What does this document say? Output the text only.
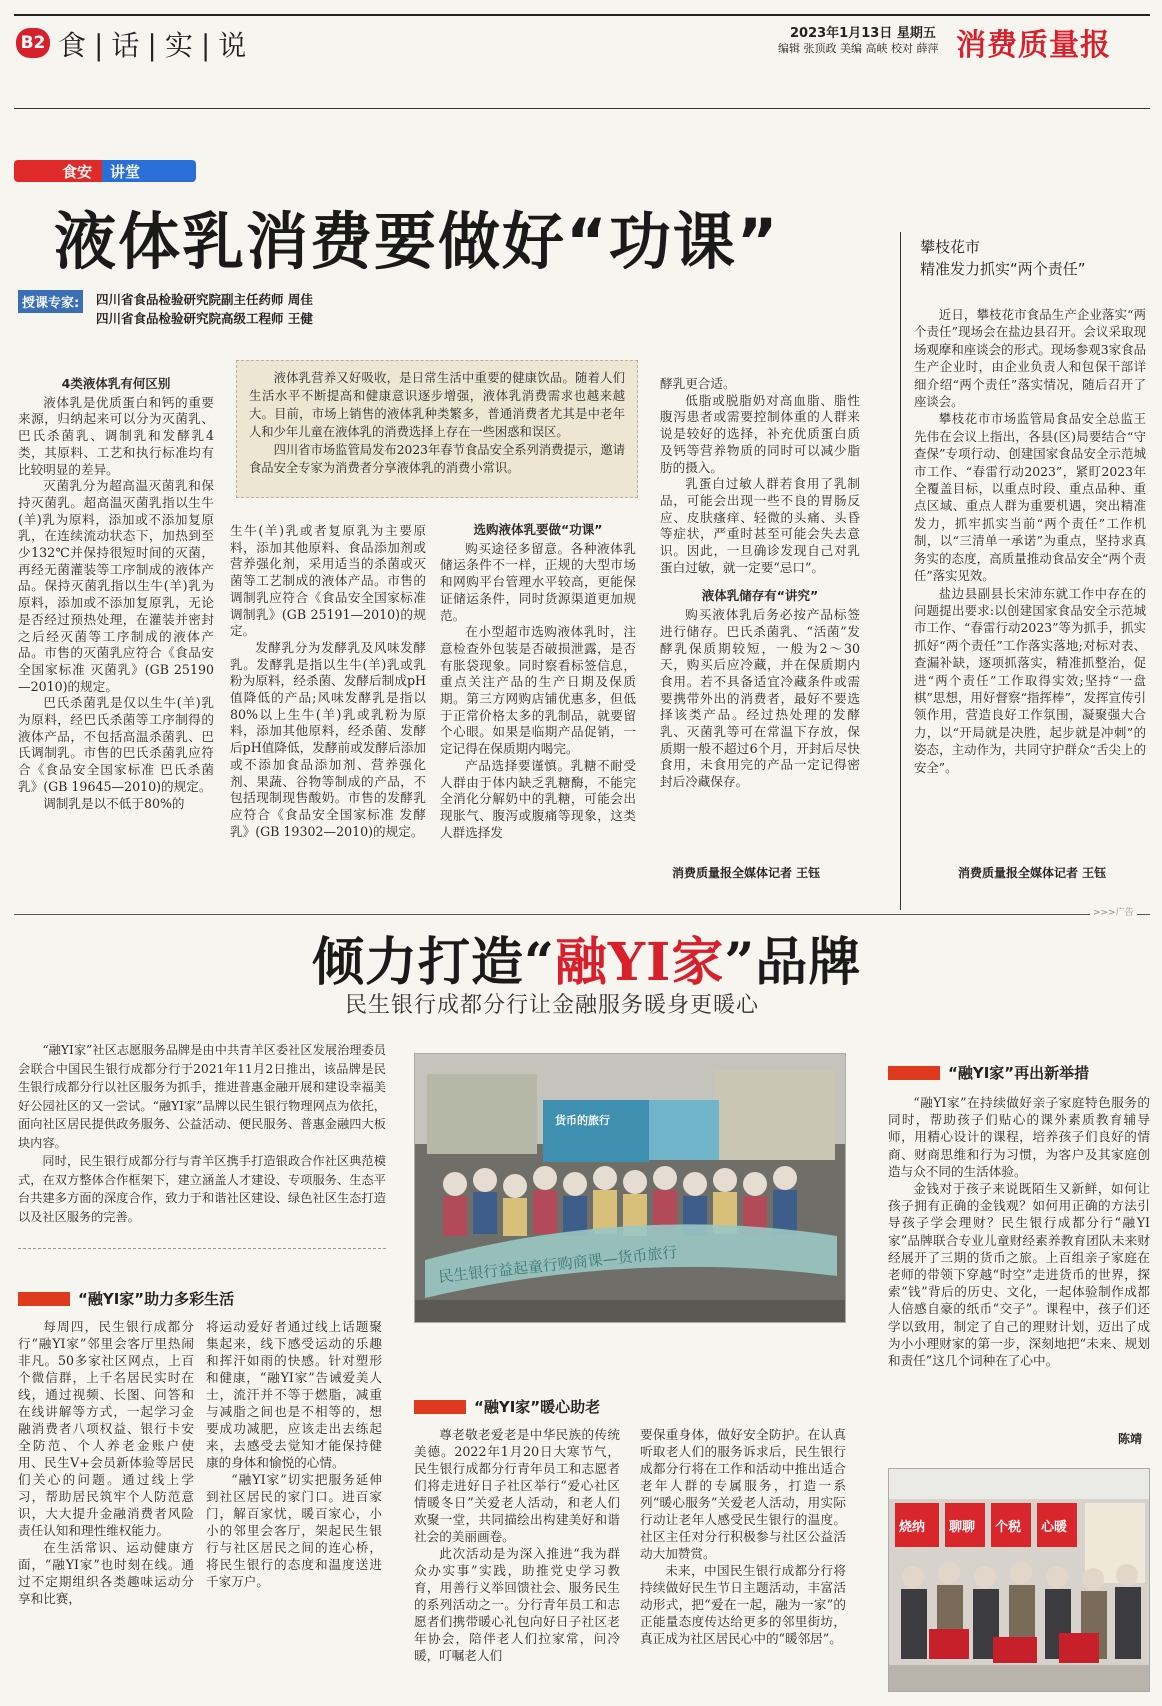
B2 食|话|实|说	2023年1月13日 星期五
编辑 张顶政 美编 高峡 校对 薛萍 消费质量报
食安	讲堂
液体乳消费要做好“功课”
授课专家:	四川省食品检验研究院副主任药师 周佳
四川省食品检验研究院高级工程师 王健

液体乳营养又好吸收，是日常生活中重要的健康饮品。随着人们生活水平不断提高和健康意识逐步增强，液体乳消费需求也越来越大。目前，市场上销售的液体乳种类繁多，普通消费者尤其是中老年人和少年儿童在液体乳的消费选择上存在一些困惑和误区。

四川省市场监管局发布2023年春节食品安全系列消费提示，邀请食品安全专家为消费者分享液体乳的消费小常识。

4类液体乳有何区别

液体乳是优质蛋白和钙的重要来源，归纳起来可以分为灭菌乳、巴氏杀菌乳、调制乳和发酵乳4类，其原料、工艺和执行标准均有比较明显的差异。

灭菌乳分为超高温灭菌乳和保持灭菌乳。超高温灭菌乳指以生牛(羊)乳为原料，添加或不添加复原乳，在连续流动状态下，加热到至少132℃并保持很短时间的灭菌，再经无菌灌装等工序制成的液体产品。保持灭菌乳指以生牛(羊)乳为原料，添加或不添加复原乳，无论是否经过预热处理，在灌装并密封之后经灭菌等工序制成的液体产品。市售的灭菌乳应符合《食品安全国家标准 灭菌乳》(GB 25190—2010)的规定。

巴氏杀菌乳是仅以生牛(羊)乳为原料，经巴氏杀菌等工序制得的液体产品，不包括高温杀菌乳、巴氏调制乳。市售的巴氏杀菌乳应符合《食品安全国家标准 巴氏杀菌乳》(GB 19645—2010)的规定。

调制乳是以不低于80%的

生牛(羊)乳或者复原乳为主要原料，添加其他原料、食品添加剂或营养强化剂，采用适当的杀菌或灭菌等工艺制成的液体产品。市售的调制乳应符合《食品安全国家标准 调制乳》(GB 25191—2010)的规定。

发酵乳分为发酵乳及风味发酵乳。发酵乳是指以生牛(羊)乳或乳粉为原料，经杀菌、发酵后制成pH值降低的产品;风味发酵乳是指以80%以上生牛(羊)乳或乳粉为原料，添加其他原料，经杀菌、发酵后pH值降低，发酵前或发酵后添加或不添加食品添加剂、营养强化剂、果蔬、谷物等制成的产品，不包括现制现售酸奶。市售的发酵乳应符合《食品安全国家标准 发酵乳》(GB 19302—2010)的规定。

选购液体乳要做“功课”

购买途径多留意。各种液体乳储运条件不一样，正规的大型市场和网购平台管理水平较高，更能保证储运条件，同时货源渠道更加规范。

在小型超市选购液体乳时，注意检查外包装是否破损泄露，是否有胀袋现象。同时察看标签信息，重点关注产品的生产日期及保质期。第三方网购店铺优惠多，但低于正常价格太多的乳制品，就要留个心眼。如果是临期产品促销，一定记得在保质期内喝完。

产品选择要谨慎。乳糖不耐受人群由于体内缺乏乳糖酶，不能完全消化分解奶中的乳糖，可能会出现胀气、腹泻或腹痛等现象，这类人群选择发

酵乳更合适。

低脂或脱脂奶对高血脂、脂性腹泻患者或需要控制体重的人群来说是较好的选择，补充优质蛋白质及钙等营养物质的同时可以减少脂肪的摄入。

乳蛋白过敏人群若食用了乳制品，可能会出现一些不良的胃肠反应、皮肤瘙痒、轻微的头痛、头昏等症状，严重时甚至可能会失去意识。因此，一旦确诊发现自己对乳蛋白过敏，就一定要“忌口”。

液体乳储存有“讲究”

购买液体乳后务必按产品标签进行储存。巴氏杀菌乳、“活菌”发酵乳保质期较短，一般为2～30天，购买后应冷藏，并在保质期内食用。若不具备适宜冷藏条件或需要携带外出的消费者，最好不要选择该类产品。经过热处理的发酵乳、灭菌乳等可在常温下存放，保质期一般不超过6个月，开封后尽快食用，未食用完的产品一定记得密封后冷藏保存。

消费质量报全媒体记者 王钰
攀枝花市
精准发力抓实“两个责任”

近日，攀枝花市食品生产企业落实“两个责任”现场会在盐边县召开。会议采取现场观摩和座谈会的形式。现场参观3家食品生产企业时，由企业负责人和包保干部详细介绍“两个责任”落实情况，随后召开了座谈会。

攀枝花市市场监管局食品安全总监王先伟在会议上指出，各县(区)局要结合“守查保”专项行动、创建国家食品安全示范城市工作、“春雷行动2023”，紧盯2023年全覆盖目标，以重点时段、重点品种、重点区域、重点人群为重要机遇，突出精准发力，抓牢抓实当前“两个责任”工作机制，以“三清单一承诺”为重点，坚持求真务实的态度，高质量推动食品安全“两个责任”落实见效。

盐边县副县长宋沛东就工作中存在的问题提出要求:以创建国家食品安全示范城市工作、“春雷行动2023”等为抓手，抓实抓好“两个责任”工作落实落地;对标对表、查漏补缺，逐项抓落实，精准抓整治，促进“两个责任”工作取得实效;坚持“一盘棋”思想，用好督察“指挥棒”，发挥宣传引领作用，营造良好工作氛围，凝聚强大合力，以“开局就是决胜，起步就是冲刺”的姿态，主动作为，共同守护群众“舌尖上的安全”。

消费质量报全媒体记者 王钰
>>>广告
倾力打造“融YI家”品牌
民生银行成都分行让金融服务暖身更暖心

“融YI家”社区志愿服务品牌是由中共青羊区委社区发展治理委员会联合中国民生银行成都分行于2021年11月2日推出，该品牌是民生银行成都分行以社区服务为抓手，推进普惠金融开展和建设幸福美好公园社区的又一尝试。“融YI家”品牌以民生银行物理网点为依托，面向社区居民提供政务服务、公益活动、便民服务、普惠金融四大板块内容。

同时，民生银行成都分行与青羊区携手打造银政合作社区典范模式，在双方整体合作框架下，建立涵盖人才建设、专项服务、生态平台共建多方面的深度合作，致力于和谐社区建设、绿色社区生态打造以及社区服务的完善。

“融YI家”助力多彩生活

每周四，民生银行成都分行“融YI家”邻里会客厅里热闹非凡。50多家社区网点，上百个微信群，上千名居民实时在线，通过视频、长图、问答和在线讲解等方式，一起学习金融消费者八项权益、银行卡安全防范、个人养老金账户使用、民生V+会员新体验等居民们关心的问题。通过线上学习，帮助居民筑牢个人防范意识，大大提升金融消费者风险责任认知和理性维权能力。

在生活常识、运动健康方面，“融YI家”也时刻在线。通过不定期组织各类趣味运动分享和比赛，

将运动爱好者通过线上话题聚集起来，线下感受运动的乐趣和挥汗如雨的快感。针对塑形和健康，“融YI家”告诫爱美人士，流汗并不等于燃脂，减重与减脂之间也是不相等的，想要成功减肥，应该走出去练起来，去感受去觉知才能保持健康的身体和愉悦的心情。

“融YI家”切实把服务延伸到社区居民的家门口。进百家门，解百家忧，暖百家心，小小的邻里会客厅，架起民生银行与社区居民之间的连心桥，将民生银行的态度和温度送进千家万户。

货币的旅行
民生银行益起童行购商课—货币旅行
“融YI家”暖心助老

尊老敬老爱老是中华民族的传统美德。2022年1月20日大寒节气，民生银行成都分行青年员工和志愿者们将走进好日子社区举行“爱心社区情暖冬日”关爱老人活动，和老人们欢聚一堂，共同描绘出构建美好和谐社会的美丽画卷。

此次活动是为深入推进“我为群众办实事”实践，助推党史学习教育，用善行义举回馈社会、服务民生的系列活动之一。分行青年员工和志愿者们携带暖心礼包向好日子社区老年协会，陪伴老人们拉家常，问冷暖，叮嘱老人们

要保重身体，做好安全防护。在认真听取老人们的服务诉求后，民生银行成都分行将在工作和活动中推出适合老年人群的专属服务，打造一系列“暖心服务”关爱老人活动，用实际行动让老年人感受民生银行的温度。社区主任对分行积极参与社区公益活动大加赞赏。

未来，中国民生银行成都分行将持续做好民生节日主题活动，丰富活动形式，把“爱在一起，融为一家”的正能量态度传达给更多的邻里街坊，真正成为社区居民心中的“暖邻居”。

“融YI家”再出新举措

“融YI家”在持续做好亲子家庭特色服务的同时，帮助孩子们贴心的课外素质教育辅导师，用精心设计的课程，培养孩子们良好的情商、财商思维和行为习惯，为客户及其家庭创造与众不同的生活体验。

金钱对于孩子来说既陌生又新鲜，如何让孩子拥有正确的金钱观？如何用正确的方法引导孩子学会理财？民生银行成都分行“融YI家”品牌联合专业儿童财经素养教育团队未来财经展开了三期的货币之旅。上百组亲子家庭在老师的带领下穿越“时空”走进货币的世界，探索“钱”背后的历史、文化，一起体验制作成都人倍感自豪的纸币“交子”。课程中，孩子们还学以致用，制定了自己的理财计划，迈出了成为小小理财家的第一步，深刻地把“未来、规划和责任”这几个词种在了心中。

陈靖
烧纳 聊聊 个税 心暖
